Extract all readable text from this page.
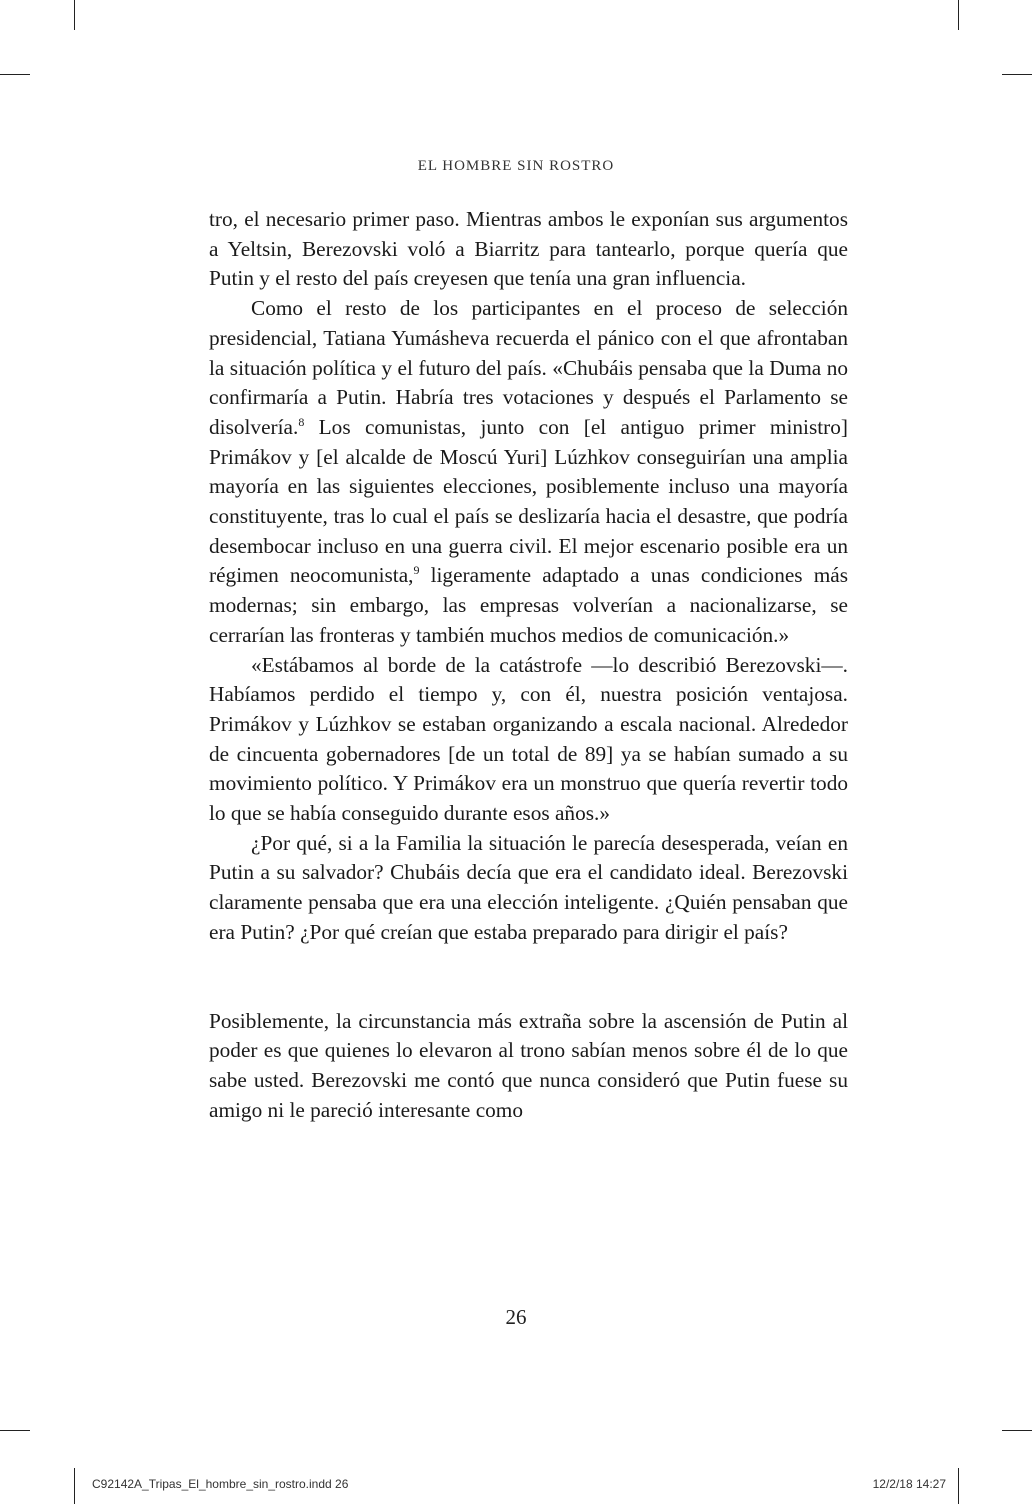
EL HOMBRE SIN ROSTRO

tro, el necesario primer paso. Mientras ambos le exponían sus argumentos a Yeltsin, Berezovski voló a Biarritz para tantearlo, porque quería que Putin y el resto del país creyesen que tenía una gran influencia.

Como el resto de los participantes en el proceso de selección presidencial, Tatiana Yumásheva recuerda el pánico con el que afrontaban la situación política y el futuro del país. «Chubáis pensaba que la Duma no confirmaría a Putin. Habría tres votaciones y después el Parlamento se disolvería.$^8$ Los comunistas, junto con [el antiguo primer ministro] Primákov y [el alcalde de Moscú Yuri] Lúzhkov conseguirían una amplia mayoría en las siguientes elecciones, posiblemente incluso una mayoría constituyente, tras lo cual el país se deslizaría hacia el desastre, que podría desembocar incluso en una guerra civil. El mejor escenario posible era un régimen neocomunista,$^9$ ligeramente adaptado a unas condiciones más modernas; sin embargo, las empresas volverían a nacionalizarse, se cerrarían las fronteras y también muchos medios de comunicación.»

«Estábamos al borde de la catástrofe —lo describió Berezovski—. Habíamos perdido el tiempo y, con él, nuestra posición ventajosa. Primákov y Lúzhkov se estaban organizando a escala nacional. Alrededor de cincuenta gobernadores [de un total de 89] ya se habían sumado a su movimiento político. Y Primákov era un monstruo que quería revertir todo lo que se había conseguido durante esos años.»

¿Por qué, si a la Familia la situación le parecía desesperada, veían en Putin a su salvador? Chubáis decía que era el candidato ideal. Berezovski claramente pensaba que era una elección inteligente. ¿Quién pensaban que era Putin? ¿Por qué creían que estaba preparado para dirigir el país?

Posiblemente, la circunstancia más extraña sobre la ascensión de Putin al poder es que quienes lo elevaron al trono sabían menos sobre él de lo que sabe usted. Berezovski me contó que nunca consideró que Putin fuese su amigo ni le pareció interesante como

26
C92142A_Tripas_El_hombre_sin_rostro.indd 26	12/2/18 14:27
